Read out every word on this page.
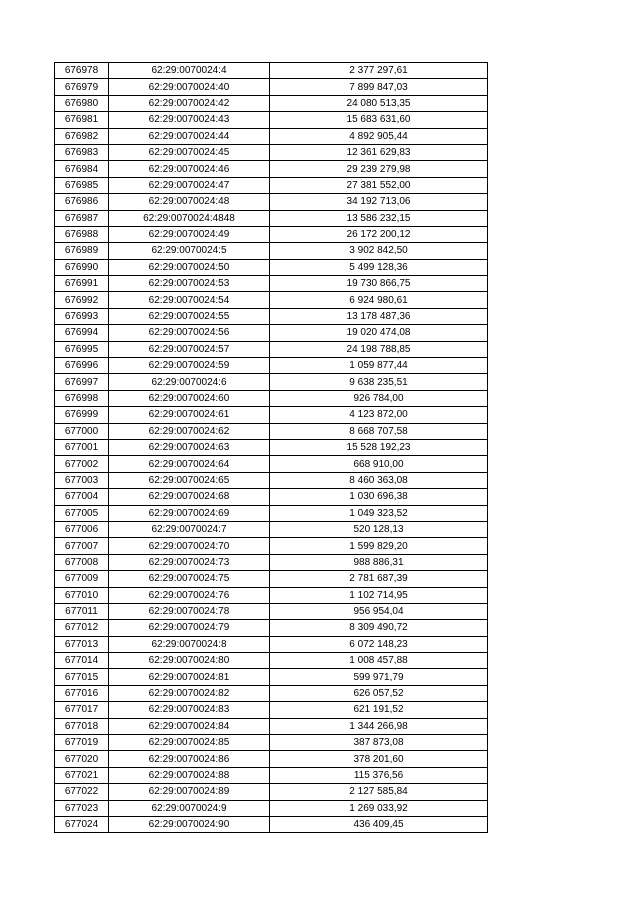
676978	62:29:0070024:4	2 377 297,61
676979	62:29:0070024:40	7 899 847,03
676980	62:29:0070024:42	24 080 513,35
676981	62:29:0070024:43	15 683 631,60
676982	62:29:0070024:44	4 892 905,44
676983	62:29:0070024:45	12 361 629,83
676984	62:29:0070024:46	29 239 279,98
676985	62:29:0070024:47	27 381 552,00
676986	62:29:0070024:48	34 192 713,06
676987	62:29:0070024:4848	13 586 232,15
676988	62:29:0070024:49	26 172 200,12
676989	62:29:0070024:5	3 902 842,50
676990	62:29:0070024:50	5 499 128,36
676991	62:29:0070024:53	19 730 866,75
676992	62:29:0070024:54	6 924 980,61
676993	62:29:0070024:55	13 178 487,36
676994	62:29:0070024:56	19 020 474,08
676995	62:29:0070024:57	24 198 788,85
676996	62:29:0070024:59	1 059 877,44
676997	62:29:0070024:6	9 638 235,51
676998	62:29:0070024:60	926 784,00
676999	62:29:0070024:61	4 123 872,00
677000	62:29:0070024:62	8 668 707,58
677001	62:29:0070024:63	15 528 192,23
677002	62:29:0070024:64	668 910,00
677003	62:29:0070024:65	8 460 363,08
677004	62:29:0070024:68	1 030 696,38
677005	62:29:0070024:69	1 049 323,52
677006	62:29:0070024:7	520 128,13
677007	62:29:0070024:70	1 599 829,20
677008	62:29:0070024:73	988 886,31
677009	62:29:0070024:75	2 781 687,39
677010	62:29:0070024:76	1 102 714,95
677011	62:29:0070024:78	956 954,04
677012	62:29:0070024:79	8 309 490,72
677013	62:29:0070024:8	6 072 148,23
677014	62:29:0070024:80	1 008 457,88
677015	62:29:0070024:81	599 971,79
677016	62:29:0070024:82	626 057,52
677017	62:29:0070024:83	621 191,52
677018	62:29:0070024:84	1 344 266,98
677019	62:29:0070024:85	387 873,08
677020	62:29:0070024:86	378 201,60
677021	62:29:0070024:88	115 376,56
677022	62:29:0070024:89	2 127 585,84
677023	62:29:0070024:9	1 269 033,92
677024	62:29:0070024:90	436 409,45
